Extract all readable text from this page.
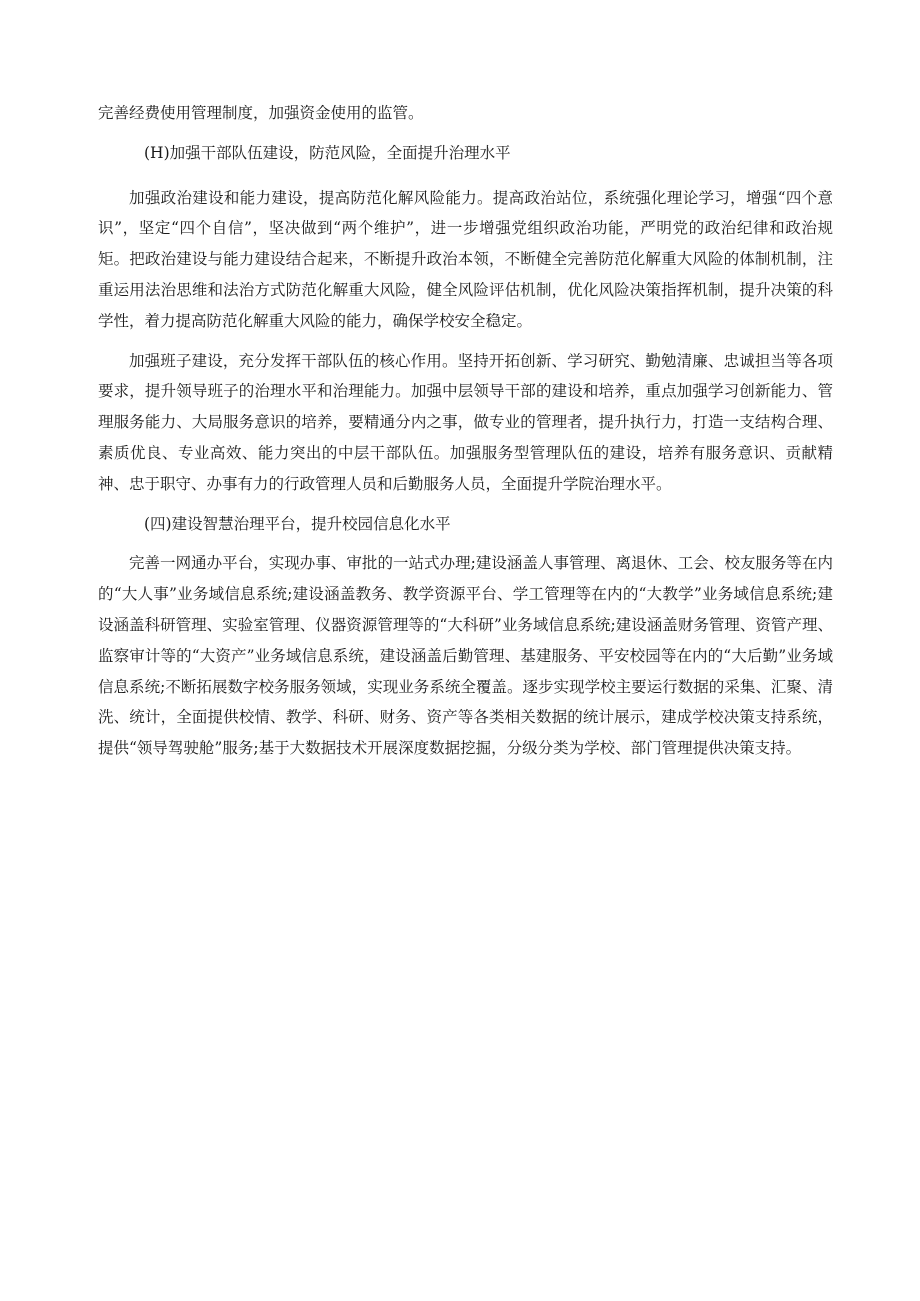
完善经费使用管理制度，加强资金使用的监管。

(H)加强干部队伍建设，防范风险，全面提升治理水平

加强政治建设和能力建设，提高防范化解风险能力。提高政治站位，系统强化理论学习，增强“四个意识”，坚定“四个自信”，坚决做到“两个维护”，进一步增强党组织政治功能，严明党的政治纪律和政治规矩。把政治建设与能力建设结合起来，不断提升政治本领，不断健全完善防范化解重大风险的体制机制，注重运用法治思维和法治方式防范化解重大风险，健全风险评估机制，优化风险决策指挥机制，提升决策的科学性，着力提高防范化解重大风险的能力，确保学校安全稳定。

加强班子建设，充分发挥干部队伍的核心作用。坚持开拓创新、学习研究、勤勉清廉、忠诚担当等各项要求，提升领导班子的治理水平和治理能力。加强中层领导干部的建设和培养，重点加强学习创新能力、管理服务能力、大局服务意识的培养，要精通分内之事，做专业的管理者，提升执行力，打造一支结构合理、素质优良、专业高效、能力突出的中层干部队伍。加强服务型管理队伍的建设，培养有服务意识、贡献精神、忠于职守、办事有力的行政管理人员和后勤服务人员，全面提升学院治理水平。

(四)建设智慧治理平台，提升校园信息化水平

完善一网通办平台，实现办事、审批的一站式办理;建设涵盖人事管理、离退休、工会、校友服务等在内的“大人事”业务域信息系统;建设涵盖教务、教学资源平台、学工管理等在内的“大教学”业务域信息系统;建设涵盖科研管理、实验室管理、仪器资源管理等的“大科研”业务域信息系统;建设涵盖财务管理、资管产理、监察审计等的“大资产”业务域信息系统，建设涵盖后勤管理、基建服务、平安校园等在内的“大后勤”业务域信息系统;不断拓展数字校务服务领域，实现业务系统全覆盖。逐步实现学校主要运行数据的采集、汇聚、清洗、统计，全面提供校情、教学、科研、财务、资产等各类相关数据的统计展示，建成学校决策支持系统，提供“领导驾驶舱”服务;基于大数据技术开展深度数据挖掘，分级分类为学校、部门管理提供决策支持。
